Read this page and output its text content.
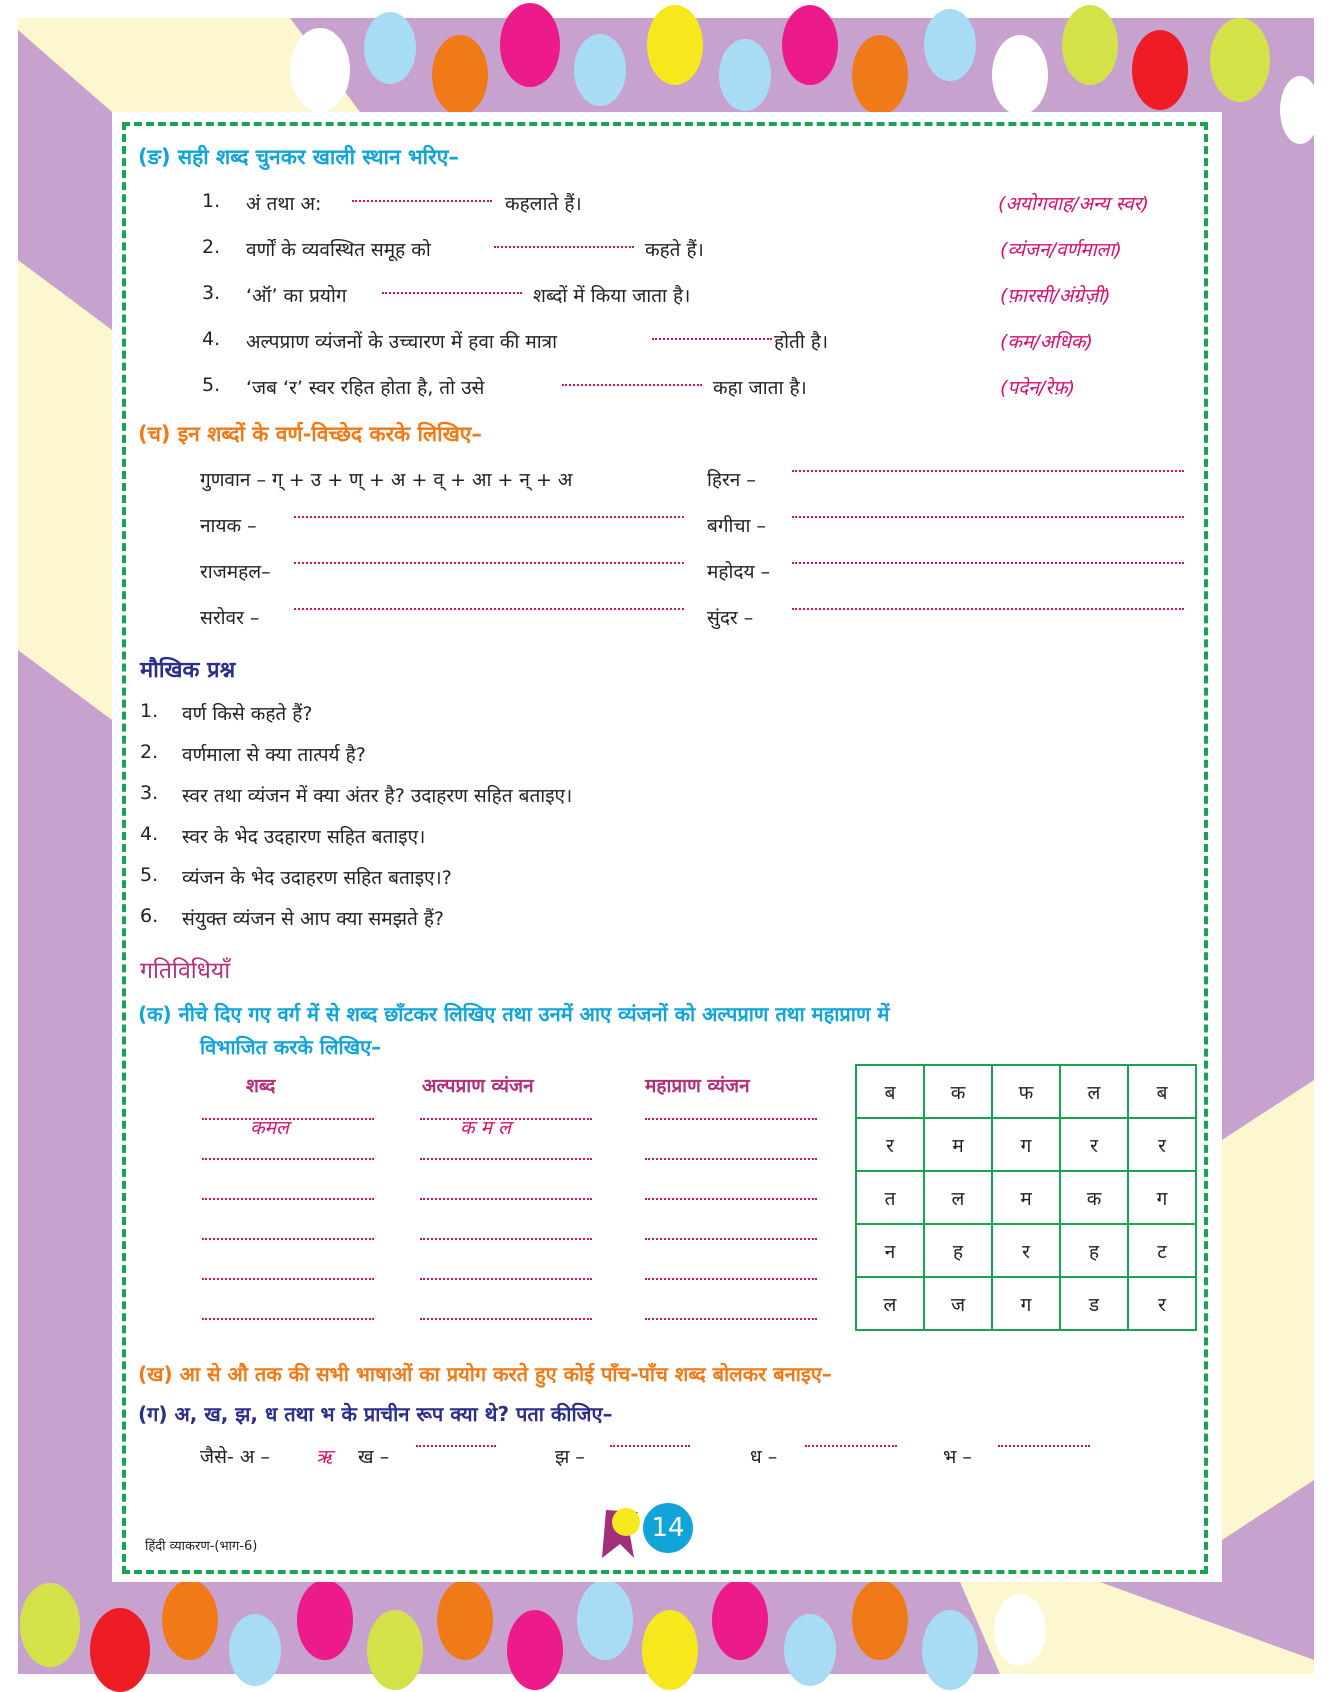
(ङ) सही शब्द चुनकर खाली स्थान भरिए–
1. अं तथा अ:	कहलाते हैं।	(अयोगवाह/अन्य स्वर)
2. वर्णों के व्यवस्थित समूह को	कहते हैं।	(व्यंजन/वर्णमाला)
3. ‘ऑ’ का प्रयोग	शब्दों में किया जाता है।	(फ़ारसी/अंग्रेज़ी)
4. अल्पप्राण व्यंजनों के उच्चारण में हवा की मात्रा	होती है।	(कम/अधिक)
5. ‘जब ‘र’ स्वर रहित होता है, तो उसे	कहा जाता है।	(पदेन/रेफ़)
(च) इन शब्दों के वर्ण-विच्छेद करके लिखिए–
गुणवान – ग् + उ + ण् + अ + व् + आ + न् + अ	हिरन –
नायक –	बगीचा –
राजमहल–	महोदय –
सरोवर –	सुंदर –
मौखिक प्रश्न
1. वर्ण किसे कहते हैं?
2. वर्णमाला से क्या तात्पर्य है?
3. स्वर तथा व्यंजन में क्या अंतर है? उदाहरण सहित बताइए।
4. स्वर के भेद उदहारण सहित बताइए।
5. व्यंजन के भेद उदाहरण सहित बताइए।?
6. संयुक्त व्यंजन से आप क्या समझते हैं?
गतिविधियाँ
(क) नीचे दिए गए वर्ग में से शब्द छाँटकर लिखिए तथा उनमें आए व्यंजनों को अल्पप्राण तथा महाप्राण में
विभाजित करके लिखिए–
शब्द	अल्पप्राण व्यंजन	महाप्राण व्यंजन
कमल	क म ल
ब	क	फ	ल	ब
र	म	ग	र	र
त	ल	म	क	ग
न	ह	र	ह	ट
ल	ज	ग	ड	र
(ख) आ से औ तक की सभी भाषाओं का प्रयोग करते हुए कोई पाँच-पाँच शब्द बोलकर बनाइए–
(ग) अ, ख, झ, ध तथा भ के प्राचीन रूप क्या थे? पता कीजिए–
जैसे- अ – ऋ ख –	झ –	ध –	भ –
हिंदी व्याकरण-(भाग-6)
14
